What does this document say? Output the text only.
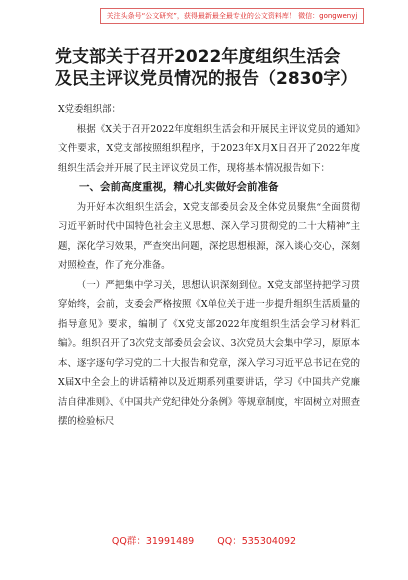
关注头条号“公文研究”，获得最新最全最专业的公文资料库！ 微信：gongwenyj
党支部关于召开2022年度组织生活会及民主评议党员情况的报告（2830字）

X党委组织部：

根据《X关于召开2022年度组织生活会和开展民主评议党员的通知》文件要求，X党支部按照组织程序，于2023年X月X日召开了2022年度组织生活会并开展了民主评议党员工作，现将基本情况报告如下：

一、会前高度重视，精心扎实做好会前准备

为开好本次组织生活会，X党支部委员会及全体党员聚焦“全面贯彻习近平新时代中国特色社会主义思想、深入学习贯彻党的二十大精神”主题，深化学习效果，严查突出问题，深挖思想根源，深入谈心交心，深刻对照检查，作了充分准备。

（一）严把集中学习关，思想认识深刻到位。X党支部坚持把学习贯穿始终，会前，支委会严格按照《X单位关于进一步提升组织生活质量的指导意见》要求，编制了《X党支部2022年度组织生活会学习材料汇编》。组织召开了3次党支部委员会会议、3次党员大会集中学习，原原本本、逐字逐句学习党的二十大报告和党章，深入学习习近平总书记在党的X届X中全会上的讲话精神以及近期系列重要讲话，学习《中国共产党廉洁自律准则》、《中国共产党纪律处分条例》等规章制度，牢固树立对照查摆的检验标尺

QQ群：31991489 QQ：535304092
